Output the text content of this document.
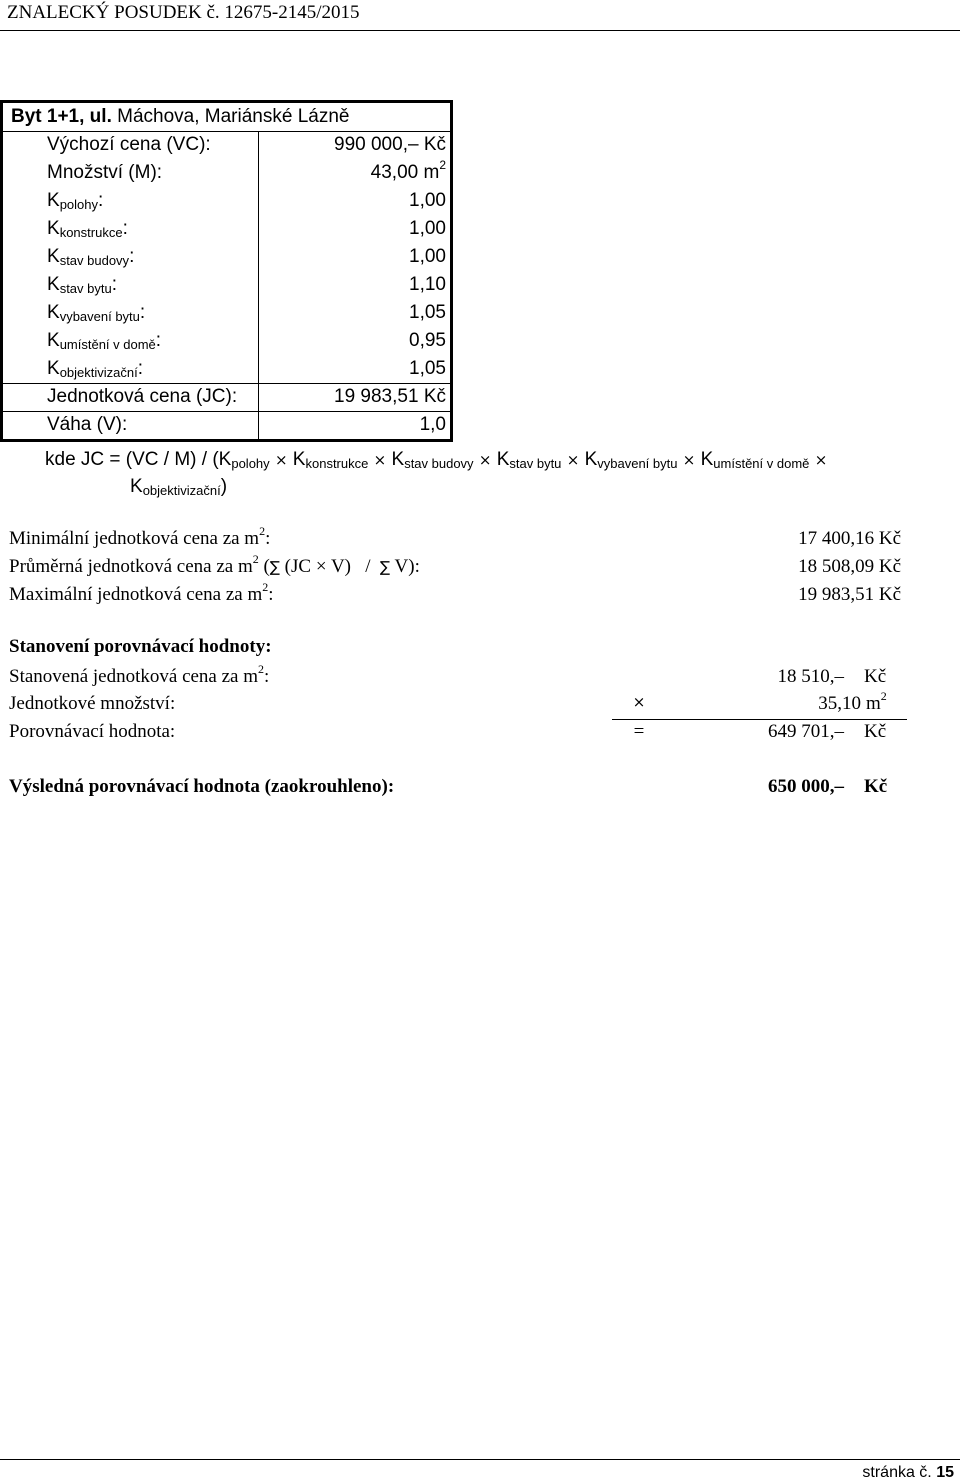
ZNALECKÝ POSUDEK č. 12675-2145/2015
Byt 1+1, ul. Máchova, Mariánské Lázně
Výchozí cena (VC):	990 000,– Kč
Množství (M):	43,00 $m^2$
$K_{polohy}$:	1,00
$K_{konstrukce}$:	1,00
$K_{stav budovy}$:	1,00
$K_{stav bytu}$:	1,10
$K_{vybavení bytu}$:	1,05
$K_{umístění v domě}$:	0,95
$K_{objektivizační}$:	1,05
Jednotková cena (JC):	19 983,51 Kč
Váha (V):	1,0
kde JC = $(VC / M) / (K_{polohy} \times K_{konstrukce} \times K_{stav budovy} \times K_{stav bytu} \times K_{vybavení bytu} \times K_{umístění v domě}$ ×
$K_{objektivizační}$)
Minimální jednotková cena za $m^2$:	17 400,16 Kč
Průměrná jednotková cena za $m^2$ (∑ (JC × V)   /  ∑ V):	18 508,09 Kč
Maximální jednotková cena za $m^2$:	19 983,51 Kč
Stanovení porovnávací hodnoty:
Stanovená jednotková cena za $m^2$:	18 510,– Kč
Jednotkové množství:	×	35,10 $m^2$
Porovnávací hodnota:	=	649 701,– Kč
Výsledná porovnávací hodnota (zaokrouhleno):	650 000,– Kč
stránka č. 15
